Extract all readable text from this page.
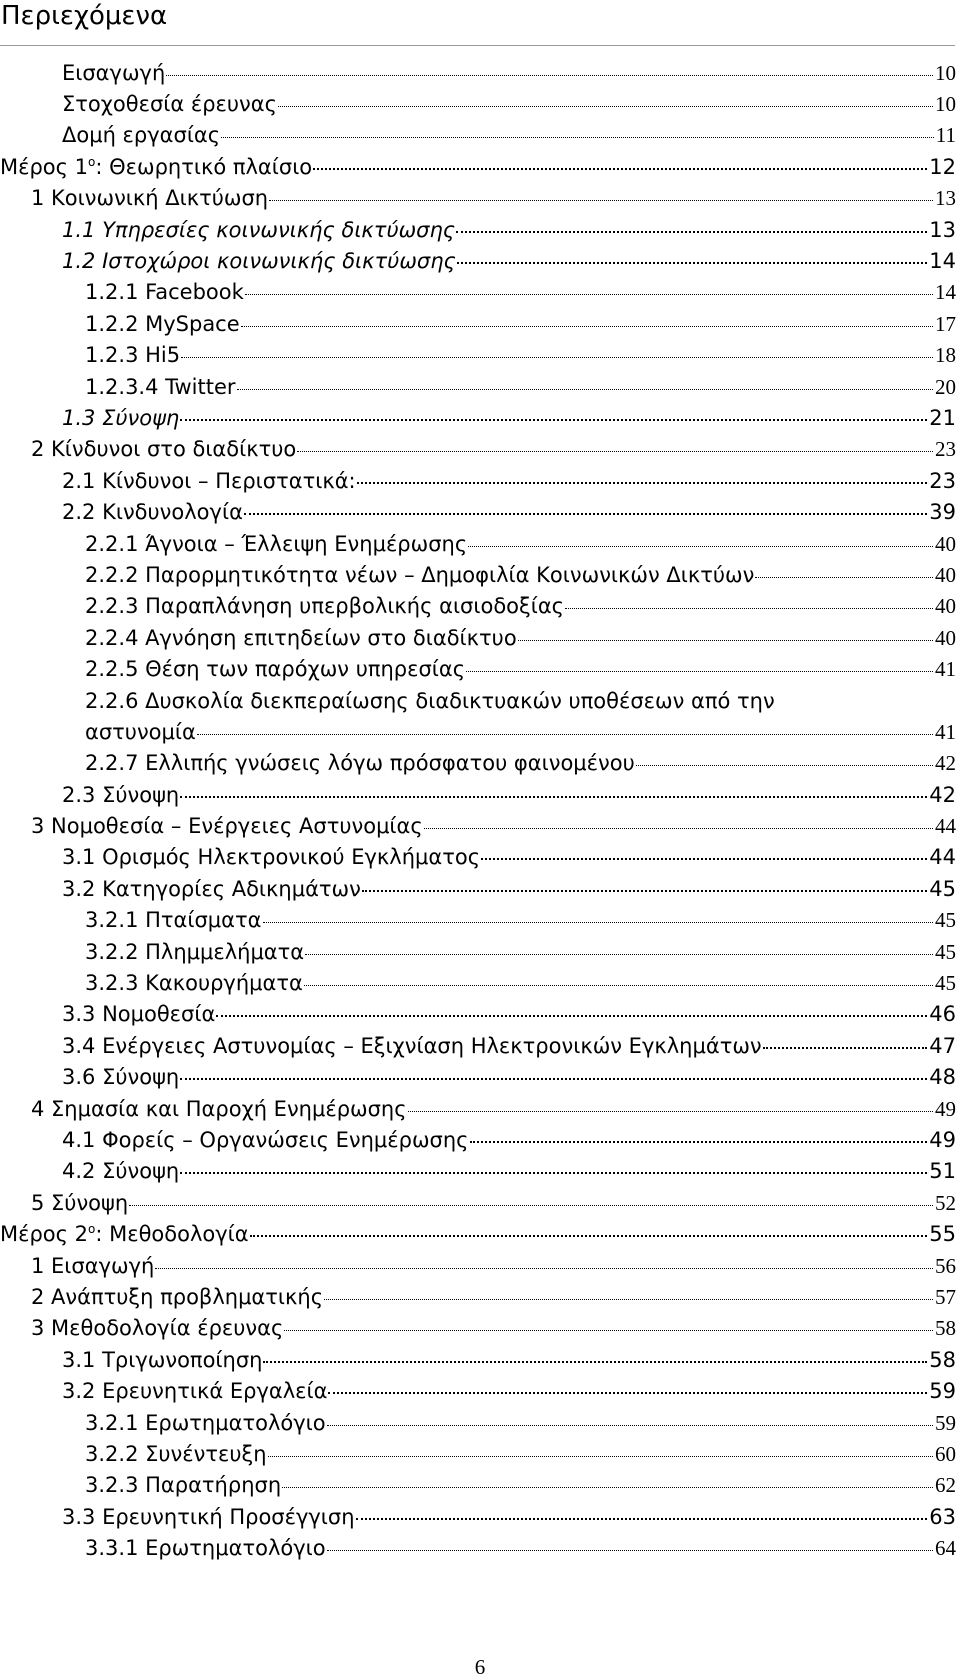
Περιεχόμενα
Εισαγωγή	10
Στοχοθεσία έρευνας	10
Δομή εργασίας	11
Μέρος $1^o$: Θεωρητικό πλαίσιο	12
1 Κοινωνική Δικτύωση	13
1.1 Υπηρεσίες κοινωνικής δικτύωσης	13
1.2 Ιστοχώροι κοινωνικής δικτύωσης	14
1.2.1 Facebook	14
1.2.2 MySpace	17
1.2.3 Hi5	18
1.2.3.4 Twitter	20
1.3 Σύνοψη	21
2 Κίνδυνοι στο διαδίκτυο	23
2.1 Κίνδυνοι – Περιστατικά:	23
2.2 Κινδυνολογία	39
2.2.1 Άγνοια – Έλλειψη Ενημέρωσης	40
2.2.2 Παρορμητικότητα νέων – Δημοφιλία Κοινωνικών Δικτύων	40
2.2.3 Παραπλάνηση υπερβολικής αισιοδοξίας	40
2.2.4 Αγνόηση επιτηδείων στο διαδίκτυο	40
2.2.5 Θέση των παρόχων υπηρεσίας	41
2.2.6 Δυσκολία διεκπεραίωσης διαδικτυακών υποθέσεων από την
αστυνομία	41
2.2.7 Ελλιπής γνώσεις λόγω πρόσφατου φαινομένου	42
2.3 Σύνοψη	42
3 Νομοθεσία – Ενέργειες Αστυνομίας	44
3.1 Ορισμός Ηλεκτρονικού Εγκλήματος	44
3.2 Κατηγορίες Αδικημάτων	45
3.2.1 Πταίσματα	45
3.2.2 Πλημμελήματα	45
3.2.3 Κακουργήματα	45
3.3 Νομοθεσία	46
3.4 Ενέργειες Αστυνομίας – Εξιχνίαση Ηλεκτρονικών Εγκλημάτων	47
3.6 Σύνοψη	48
4 Σημασία και Παροχή Ενημέρωσης	49
4.1 Φορείς – Οργανώσεις Ενημέρωσης	49
4.2 Σύνοψη	51
5 Σύνοψη	52
Μέρος $2^o$: Μεθοδολογία	55
1 Εισαγωγή	56
2 Ανάπτυξη προβληματικής	57
3 Μεθοδολογία έρευνας	58
3.1 Τριγωνοποίηση	58
3.2 Ερευνητικά Εργαλεία	59
3.2.1 Ερωτηματολόγιο	59
3.2.2 Συνέντευξη	60
3.2.3 Παρατήρηση	62
3.3 Ερευνητική Προσέγγιση	63
3.3.1 Ερωτηματολόγιο	64
6
